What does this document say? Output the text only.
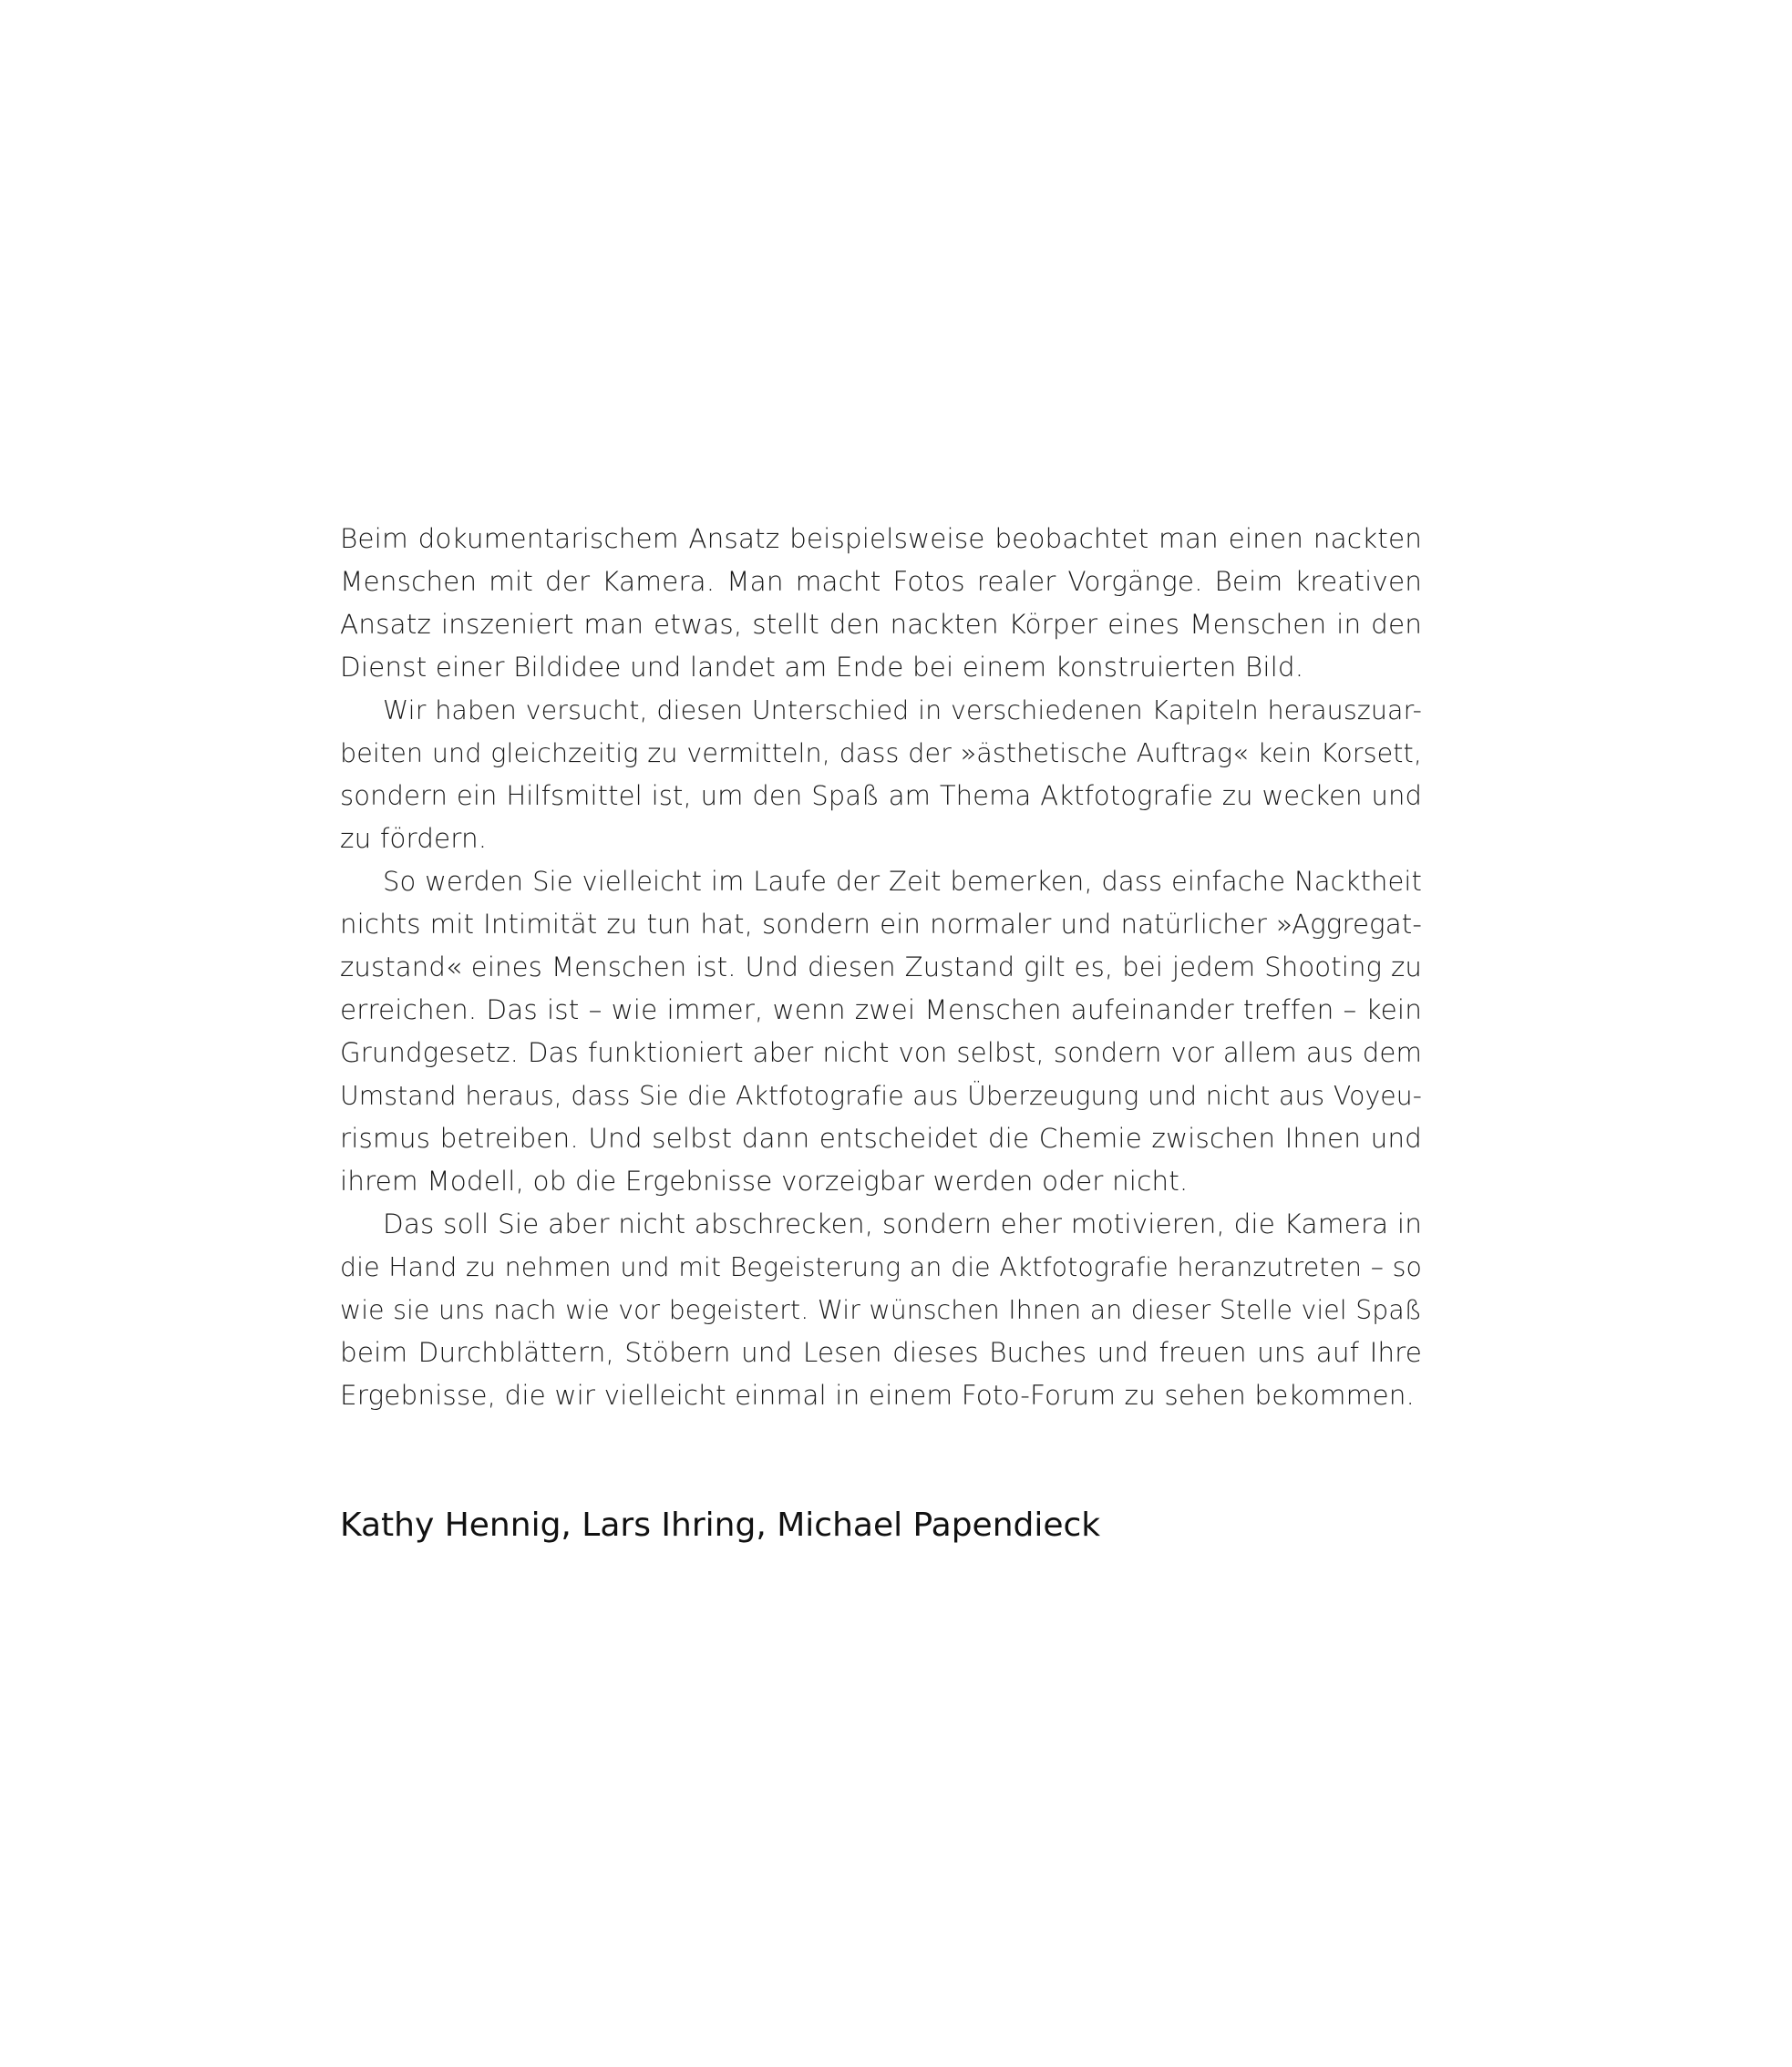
Beim dokumentarischem Ansatz beispielsweise beobachtet man einen nackten
Menschen mit der Kamera. Man macht Fotos realer Vorgänge. Beim kreativen
Ansatz inszeniert man etwas, stellt den nackten Körper eines Menschen in den
Dienst einer Bildidee und landet am Ende bei einem konstruierten Bild.

Wir haben versucht, diesen Unterschied in verschiedenen Kapiteln herauszuar-
beiten und gleichzeitig zu vermitteln, dass der »ästhetische Auftrag« kein Korsett,
sondern ein Hilfsmittel ist, um den Spaß am Thema Aktfotografie zu wecken und
zu fördern.

So werden Sie vielleicht im Laufe der Zeit bemerken, dass einfache Nacktheit
nichts mit Intimität zu tun hat, sondern ein normaler und natürlicher »Aggregat-
zustand« eines Menschen ist. Und diesen Zustand gilt es, bei jedem Shooting zu
erreichen. Das ist – wie immer, wenn zwei Menschen aufeinander treffen – kein
Grundgesetz. Das funktioniert aber nicht von selbst, sondern vor allem aus dem
Umstand heraus, dass Sie die Aktfotografie aus Überzeugung und nicht aus Voyeu-
rismus betreiben. Und selbst dann entscheidet die Chemie zwischen Ihnen und
ihrem Modell, ob die Ergebnisse vorzeigbar werden oder nicht.

Das soll Sie aber nicht abschrecken, sondern eher motivieren, die Kamera in
die Hand zu nehmen und mit Begeisterung an die Aktfotografie heranzutreten – so
wie sie uns nach wie vor begeistert. Wir wünschen Ihnen an dieser Stelle viel Spaß
beim Durchblättern, Stöbern und Lesen dieses Buches und freuen uns auf Ihre
Ergebnisse, die wir vielleicht einmal in einem Foto-Forum zu sehen bekommen.

Kathy Hennig, Lars Ihring, Michael Papendieck
